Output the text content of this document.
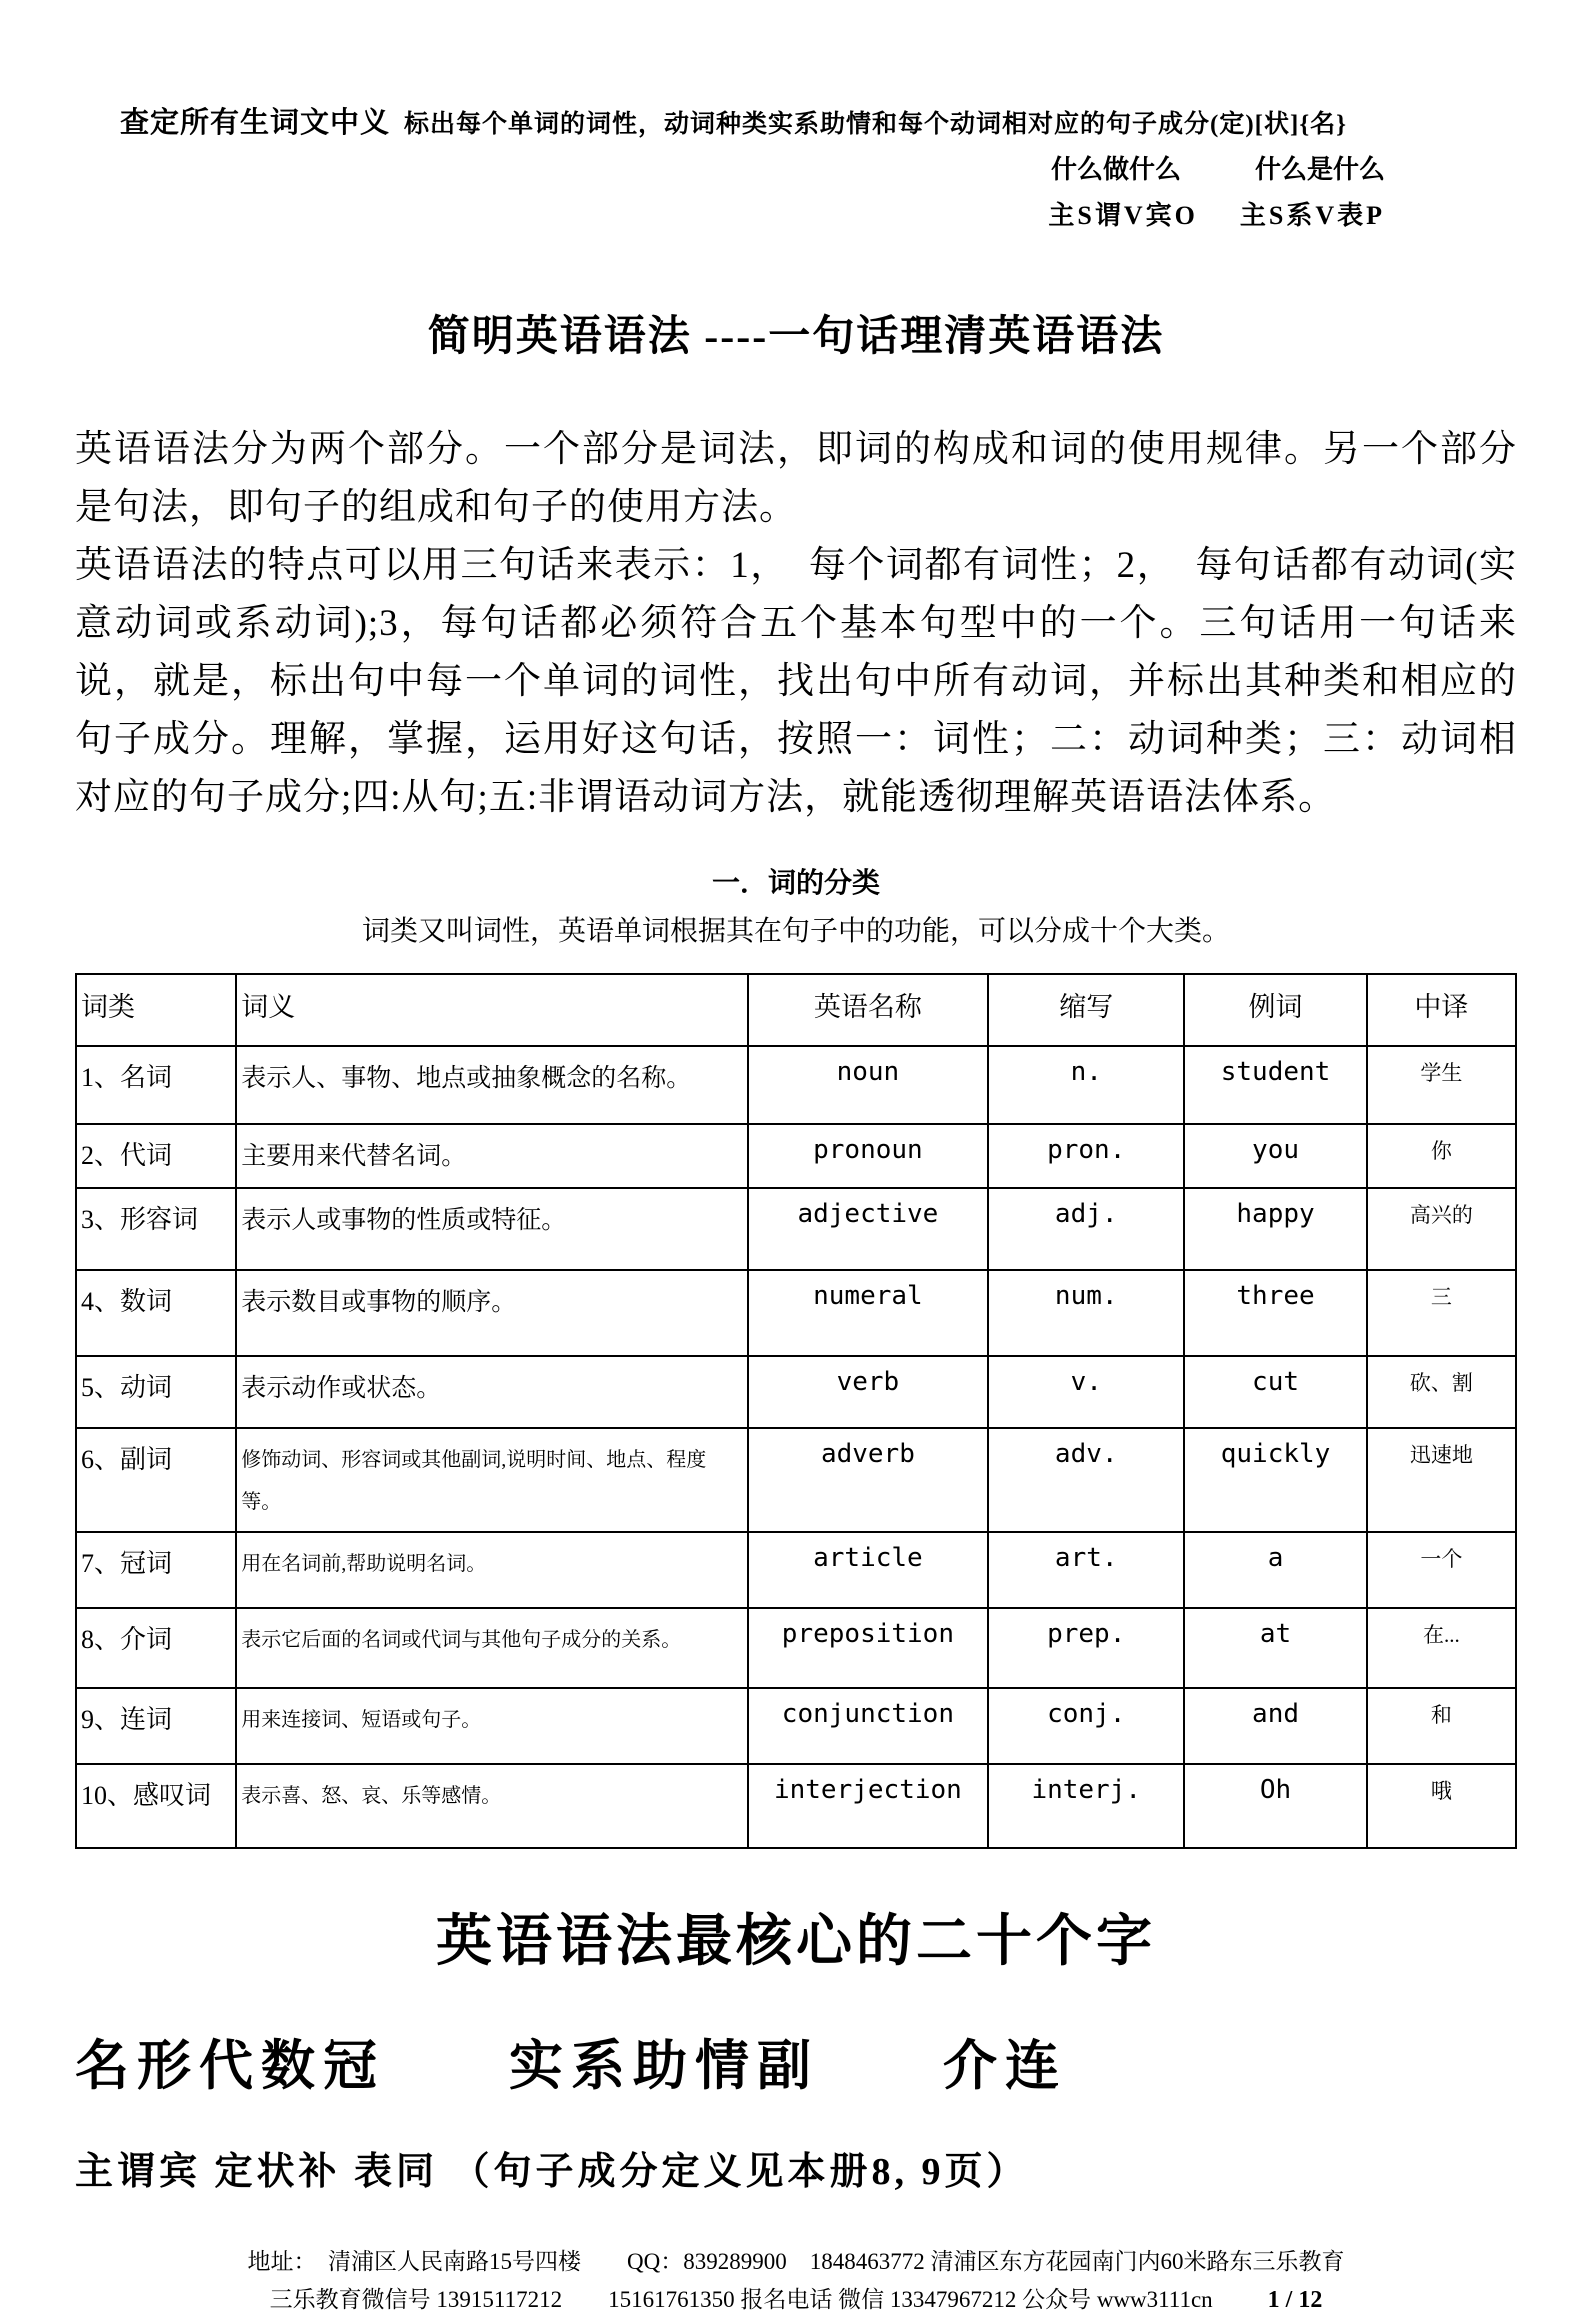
查定所有生词文中义 标出每个单词的词性，动词种类实系助情和每个动词相对应的句子成分(定)[状]{名}
什么做什么	什么是什么
主S谓V宾O 主S系V表P
简明英语语法 ----一句话理清英语语法

英语语法分为两个部分。一个部分是词法，即词的构成和词的使用规律。另一个部分是句法，即句子的组成和句子的使用方法。

英语语法的特点可以用三句话来表示：1，　每个词都有词性；2，　每句话都有动词(实意动词或系动词);3，每句话都必须符合五个基本句型中的一个。三句话用一句话来说，就是，标出句中每一个单词的词性，找出句中所有动词，并标出其种类和相应的句子成分。理解，掌握，运用好这句话，按照一：词性；二：动词种类；三：动词相对应的句子成分;四:从句;五:非谓语动词方法，就能透彻理解英语语法体系。

一．词的分类
词类又叫词性，英语单词根据其在句子中的功能，可以分成十个大类。
词类	词义	英语名称	缩写	例词	中译
1、名词	表示人、事物、地点或抽象概念的名称。	noun	n.	student	学生
2、代词	主要用来代替名词。	pronoun	pron.	you	你
3、形容词	表示人或事物的性质或特征。	adjective	adj.	happy	高兴的
4、数词	表示数目或事物的顺序。	numeral	num.	three	三
5、动词	表示动作或状态。	verb	v.	cut	砍、割
6、副词	修饰动词、形容词或其他副词,说明时间、地点、程度等。	adverb	adv.	quickly	迅速地
7、冠词	用在名词前,帮助说明名词。	article	art.	a	一个
8、介词	表示它后面的名词或代词与其他句子成分的关系。	preposition	prep.	at	在...
9、连词	用来连接词、短语或句子。	conjunction	conj.	and	和
10、感叹词	表示喜、怒、哀、乐等感情。	interjection	interj.	Oh	哦
英语语法最核心的二十个字
名形代数冠　　实系助情副　　介连
主谓宾 定状补 表同 （句子成分定义见本册8, 9页）
地址：　清浦区人民南路15号四楼　　QQ：839289900　1848463772 清浦区东方花园南门内60米路东三乐教育
三乐教育微信号 13915117212　　15161761350 报名电话 微信 13347967212 公众号 www3111cn 1 / 12
